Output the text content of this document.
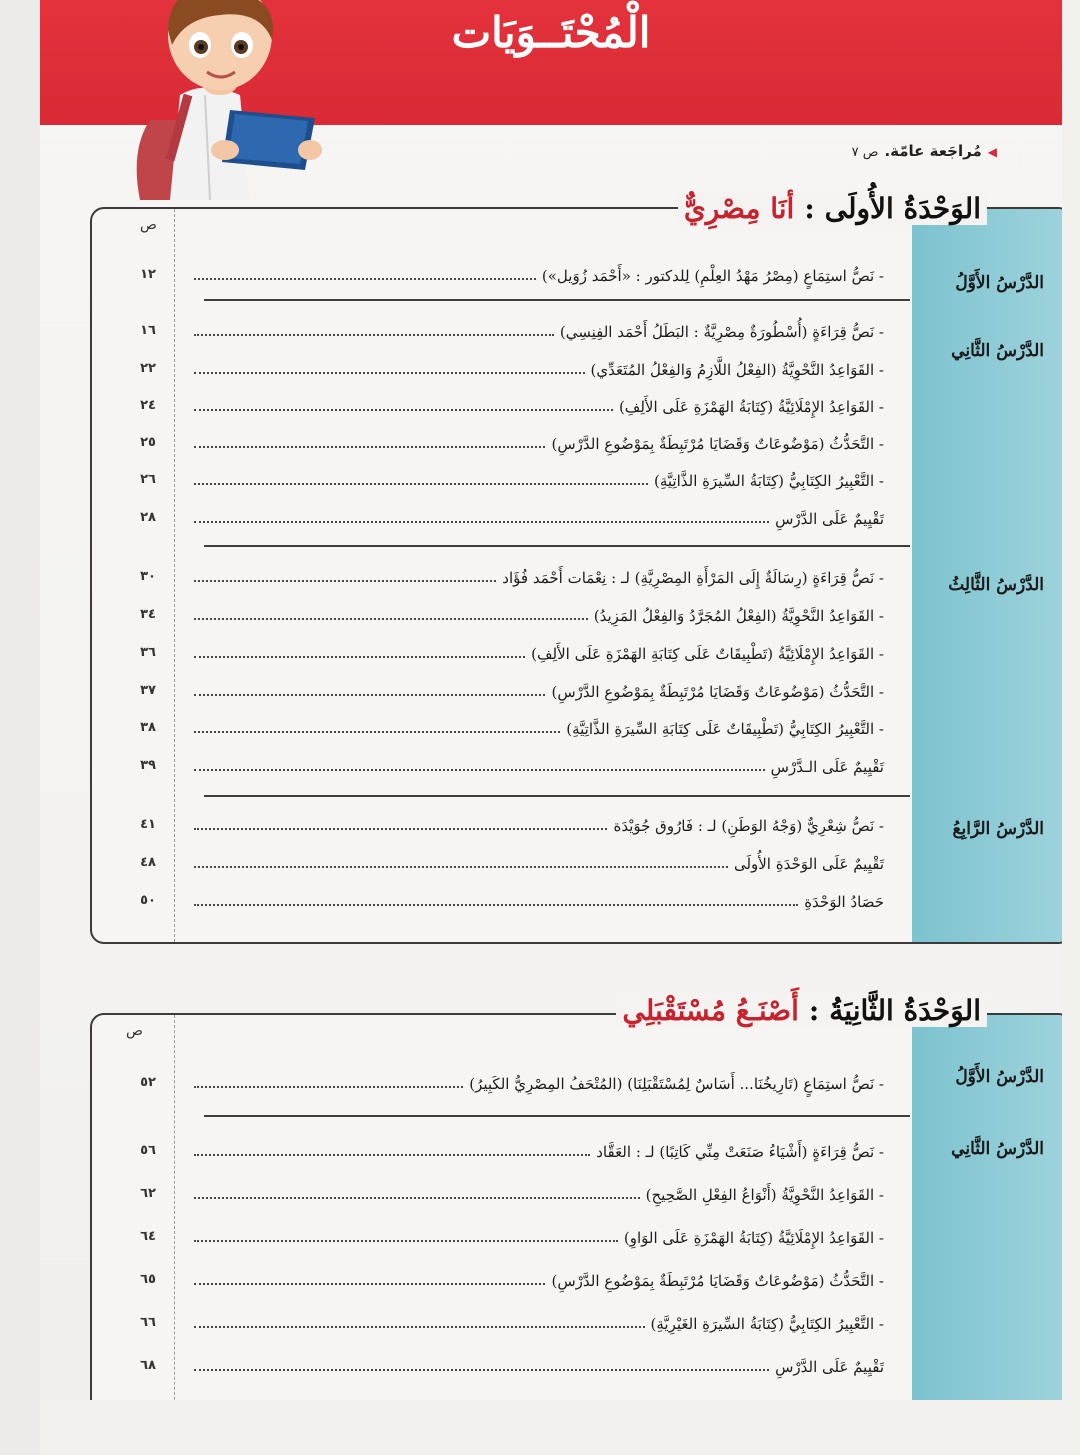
الْمُحْتَــوَيَات
◀مُراجَعة عامّة.ص ٧
ص
الدَّرْسُ الأَوَّلُ
- نَصُّ استِمَاعٍ (مِصْرُ مَهْدُ العِلْمِ) لِلدكتور : «أَحْمَد زُوَيل»)
١٢
الدَّرْسُ الثَّانِي
- نَصُّ قِرَاءَةٍ (أُسْطُورَةٌ مِصْرِيَّةٌ : البَطَلُ أَحْمَد الفِنِسِي)
١٦
- القَوَاعِدُ النَّحْوِيَّةُ (الفِعْلُ اللَّازِمُ وَالفِعْلُ المُتَعَدِّي)
٢٢
- القَوَاعِدُ الإِمْلَائِيَّةُ (كِتَابَةُ الهَمْزَةِ عَلَى الأَلِفِ)
٢٤
- التَّحَدُّثُ (مَوْضُوعَاتٌ وَقَضَايَا مُرْتَبِطَةٌ بِمَوْضُوعِ الدَّرْسِ)
٢٥
- التَّعْبِيرُ الكِتَابِيُّ (كِتَابَةُ السِّيرَةِ الذَّاتِيَّةِ)
٢٦
تَقْيِيمٌ عَلَى الدَّرْسِ
٢٨
الدَّرْسُ الثَّالِثُ
- نَصُّ قِرَاءَةٍ (رِسَالَةٌ إِلَى المَرْأَةِ المِصْرِيَّةِ) لـ : نِعْمَات أَحْمَد فُؤَاد
٣٠
- القَوَاعِدُ النَّحْوِيَّةُ (الفِعْلُ المُجَرَّدُ وَالفِعْلُ المَزِيدُ)
٣٤
- القَوَاعِدُ الإِمْلَائِيَّةُ (تَطْبِيقَاتٌ عَلَى كِتَابَةِ الهَمْزَةِ عَلَى الأَلِفِ)
٣٦
- التَّحَدُّثُ (مَوْضُوعَاتٌ وَقَضَايَا مُرْتَبِطَةٌ بِمَوْضُوعِ الدَّرْسِ)
٣٧
- التَّعْبِيرُ الكِتَابِيُّ (تَطْبِيقَاتٌ عَلَى كِتَابَةِ السِّيرَةِ الذَّاتِيَّةِ)
٣٨
تَقْيِيمٌ عَلَى الـدَّرْسِ
٣٩
الدَّرْسُ الرَّابِعُ
- نَصُّ شِعْرِيٌّ (وَجْهُ الوَطَنِ) لـ : فَارُوق جُوَيْدَة
٤١
تَقْيِيمٌ عَلَى الوَحْدَةِ الأُولَى
٤٨
حَصَادُ الوَحْدَةِ
٥٠
الوَحْدَةُ الأُولَى:أنَا مِصْرِيٌّ
ص
الدَّرْسُ الأَوَّلُ
- نَصُّ استِمَاعٍ (تَارِيخُنَا... أَسَاسٌ لِمُسْتَقْبَلِنَا) (المُتْحَفُ المِصْرِيُّ الكَبِيرُ)
٥٢
الدَّرْسُ الثَّانِي
- نَصُّ قِرَاءَةٍ (أَشْيَاءُ صَنَعَتْ مِنِّي كَاتِبًا) لـ : العَقَّاد
٥٦
- القَوَاعِدُ النَّحْوِيَّةُ (أَنْوَاعُ الفِعْلِ الصَّحِيحِ)
٦٢
- القَوَاعِدُ الإِمْلَائِيَّةُ (كِتَابَةُ الهَمْزَةِ عَلَى الوَاوِ)
٦٤
- التَّحَدُّثُ (مَوْضُوعَاتٌ وَقَضَايَا مُرْتَبِطَةٌ بِمَوْضُوعِ الدَّرْسِ)
٦٥
- التَّعْبِيرُ الكِتَابِيُّ (كِتَابَةُ السِّيرَةِ الغَيْرِيَّةِ)
٦٦
تَقْيِيمٌ عَلَى الدَّرْسِ
٦٨
الوَحْدَةُ الثَّانِيَةُ:أَصْنَـعُ مُسْتَقْبَلِي
